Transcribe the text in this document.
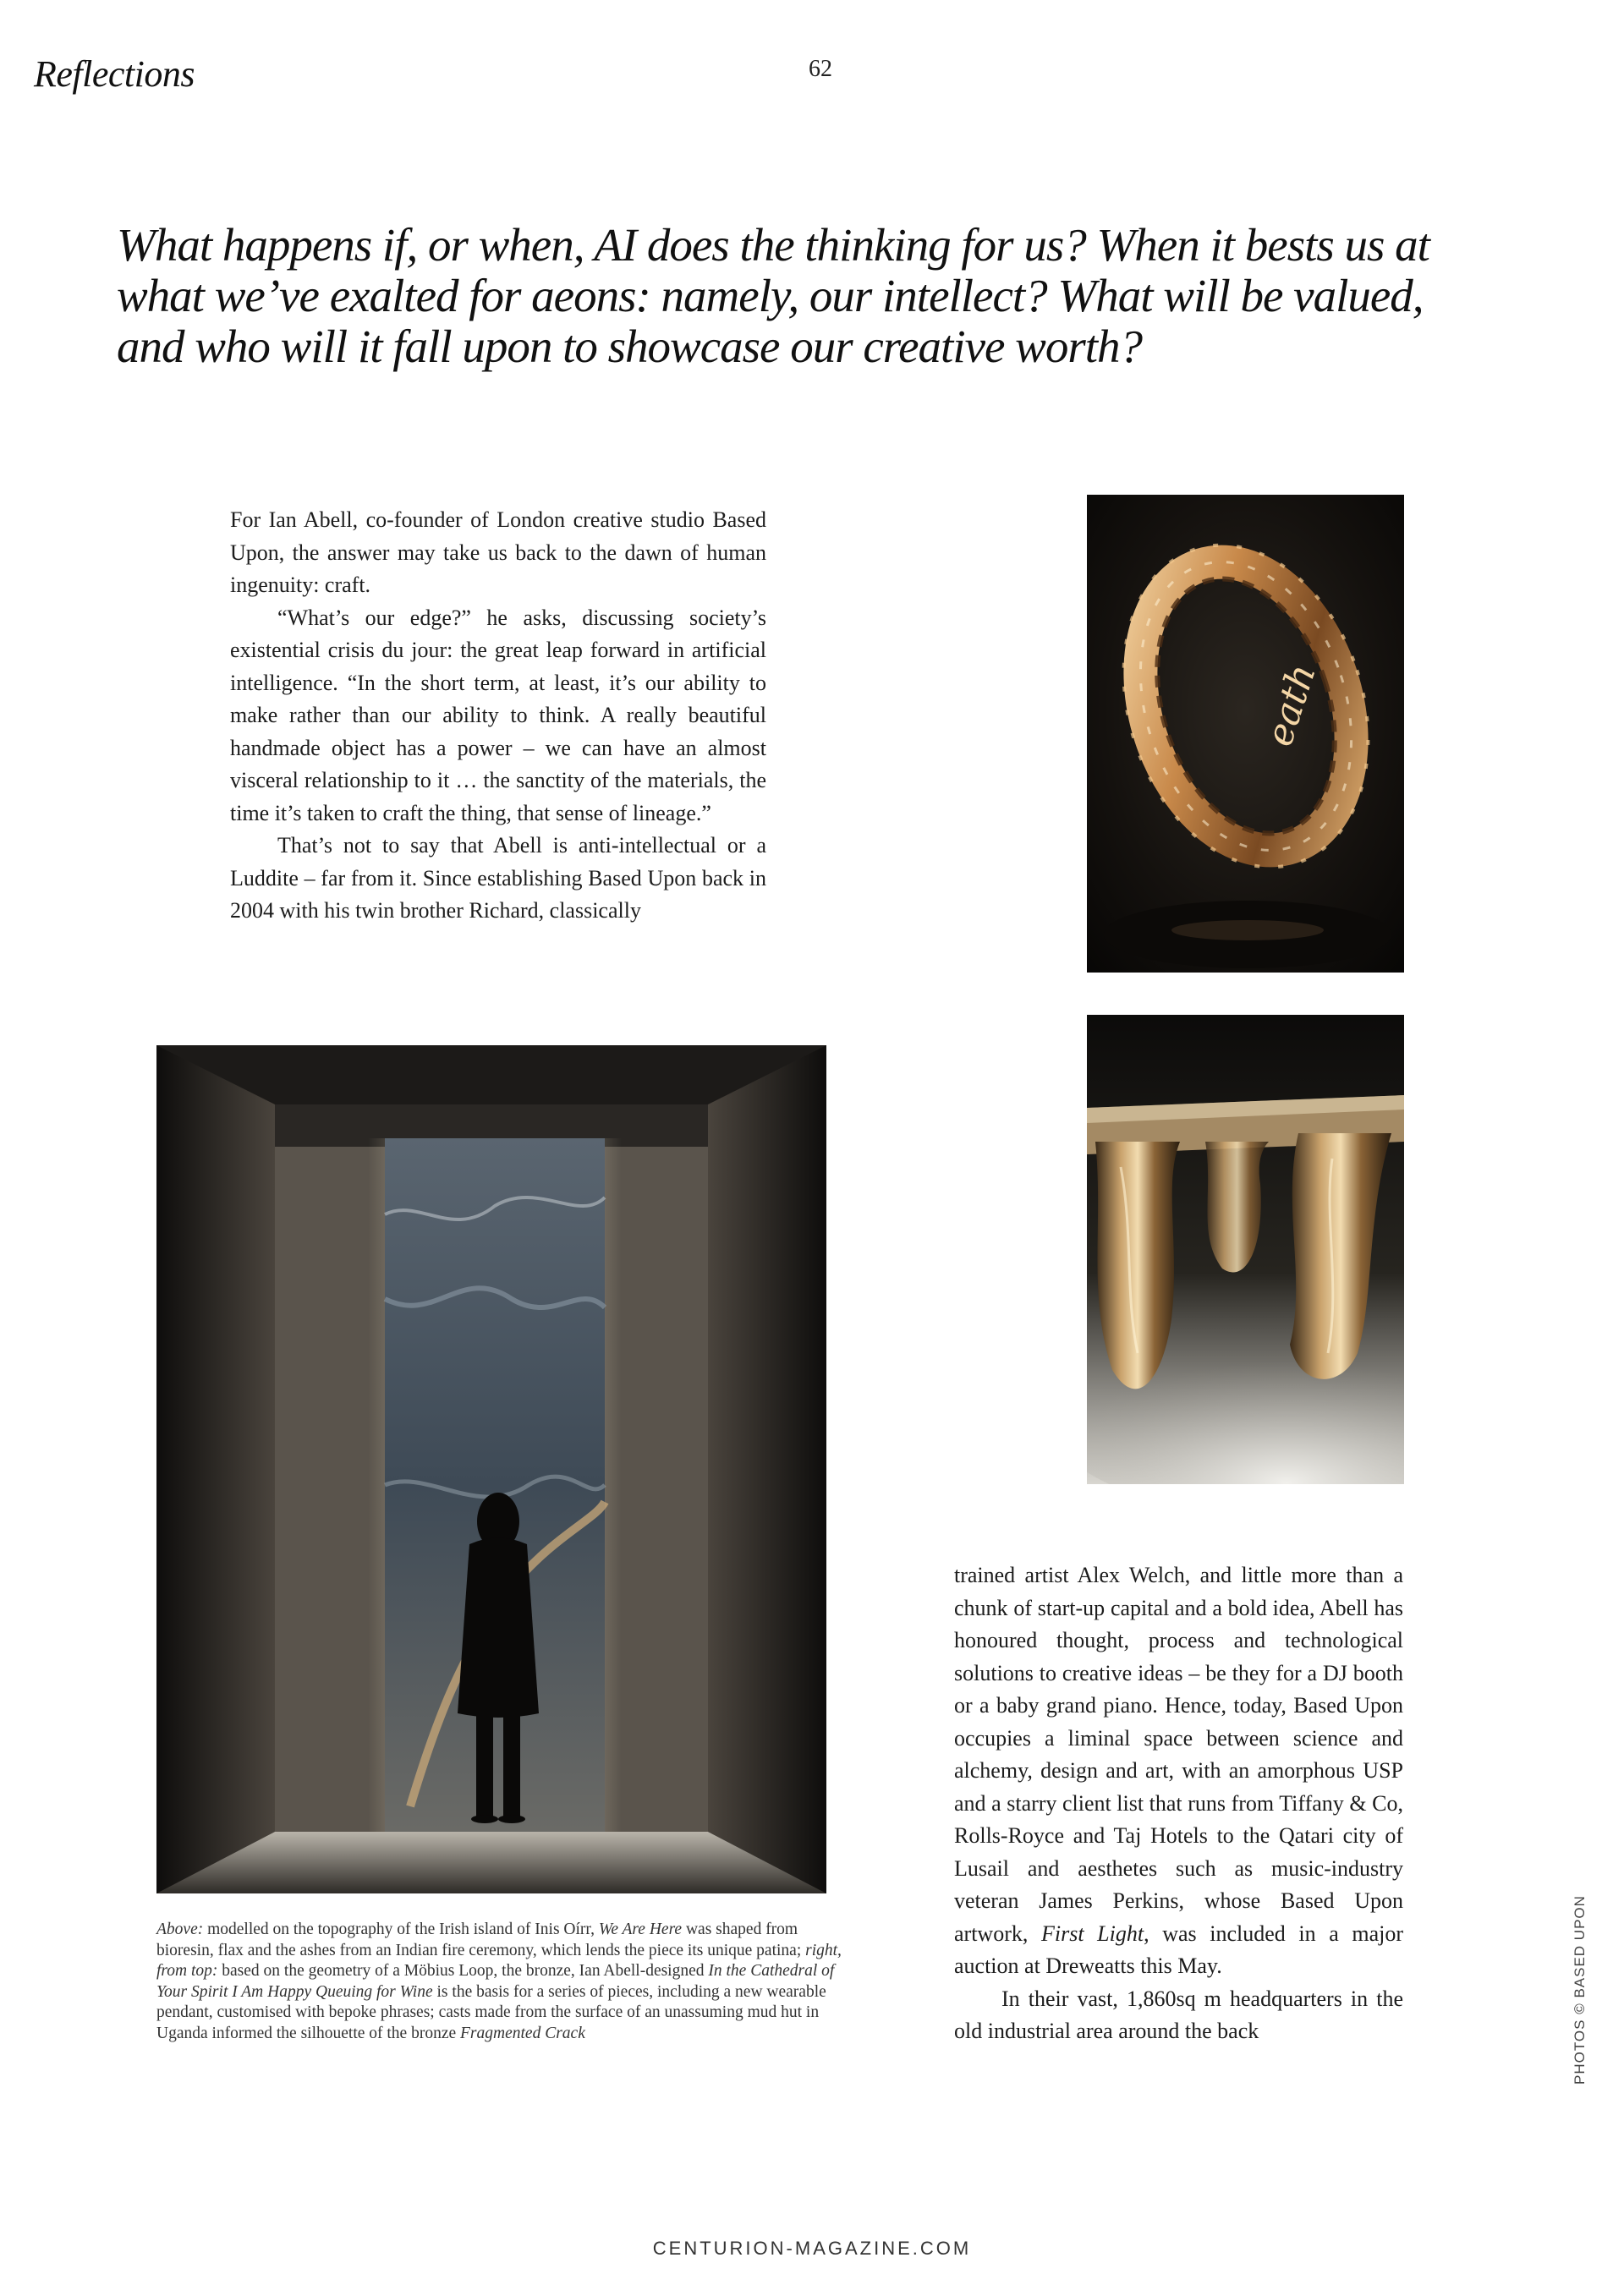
Reflections	62
What happens if, or when, AI does the thinking for us? When it bests us at what we’ve exalted for aeons: namely, our intellect? What will be valued, and who will it fall upon to showcase our creative worth?

For Ian Abell, co-founder of London creative studio Based Upon, the answer may take us back to the dawn of human ingenuity: craft.

“What’s our edge?” he asks, discussing society’s existential crisis du jour: the great leap forward in artificial intelligence. “In the short term, at least, it’s our ability to make rather than our ability to think. A really beautiful handmade object has a power – we can have an almost visceral relationship to it … the sanctity of the materials, the time it’s taken to craft the thing, that sense of lineage.”

That’s not to say that Abell is anti-intellectual or a Luddite – far from it. Since establishing Based Upon back in 2004 with his twin brother Richard, classically

eath
Above: modelled on the topography of the Irish island of Inis Oírr, We Are Here was shaped from bioresin, flax and the ashes from an Indian fire ceremony, which lends the piece its unique patina; right, from top: based on the geometry of a Möbius Loop, the bronze, Ian Abell-designed In the Cathedral of Your Spirit I Am Happy Queuing for Wine is the basis for a series of pieces, including a new wearable pendant, customised with bepoke phrases; casts made from the surface of an unassuming mud hut in Uganda informed the silhouette of the bronze Fragmented Crack

trained artist Alex Welch, and little more than a chunk of start-up capital and a bold idea, Abell has honoured thought, process and technological solutions to creative ideas – be they for a DJ booth or a baby grand piano. Hence, today, Based Upon occupies a liminal space between science and alchemy, design and art, with an amorphous USP and a starry client list that runs from Tiffany & Co, Rolls-Royce and Taj Hotels to the Qatari city of Lusail and aesthetes such as music-industry veteran James Perkins, whose Based Upon artwork, First Light, was included in a major auction at Dreweatts this May.

In their vast, 1,860sq m headquarters in the old industrial area around the back	PHOTOS © BASED UPON
CENTURION-MAGAZINE.COM
